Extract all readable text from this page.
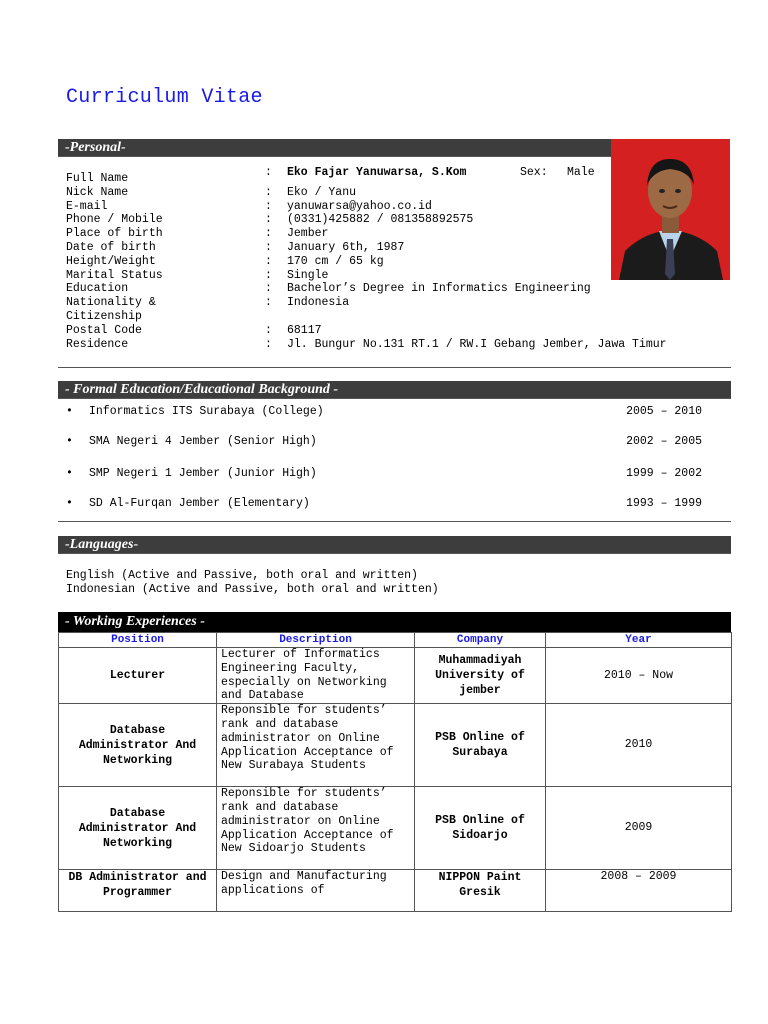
Curriculum Vitae
-Personal-
Full Name	: Eko Fajar Yanuwarsa, S.Kom	Sex: Male
Nick Name	: Eko / Yanu
E-mail	: yanuwarsa@yahoo.co.id
Phone / Mobile	: (0331)425882 / 081358892575
Place of birth	: Jember
Date of birth	: January 6th, 1987
Height/Weight	: 170 cm / 65 kg
Marital Status	: Single
Education	: Bachelor’s Degree in Informatics Engineering
Nationality &	: Indonesia
Citizenship
Postal Code	: 68117
Residence	: Jl. Bungur No.131 RT.1 / RW.I Gebang Jember, Jawa Timur
- Formal Education/Educational Background -
• Informatics ITS Surabaya (College)	2005 – 2010
• SMA Negeri 4 Jember (Senior High)	2002 – 2005
• SMP Negeri 1 Jember (Junior High)	1999 – 2002
• SD Al-Furqan Jember (Elementary)	1993 – 1999
-Languages-
English (Active and Passive, both oral and written)
Indonesian (Active and Passive, both oral and written)
- Working Experiences -
Position	Description	Company	Year
Lecturer	Lecturer of Informatics Engineering Faculty, especially on Networking and Database	Muhammadiyah University of jember	2010 – Now
Database Administrator And Networking	Reponsible for students’ rank and database administrator on Online Application Acceptance of New Surabaya Students	PSB Online of Surabaya	2010
Database Administrator And Networking	Reponsible for students’ rank and database administrator on Online Application Acceptance of New Sidoarjo Students	PSB Online of Sidoarjo	2009
DB Administrator and Programmer	Design and Manufacturing applications of	NIPPON Paint Gresik	2008 – 2009
